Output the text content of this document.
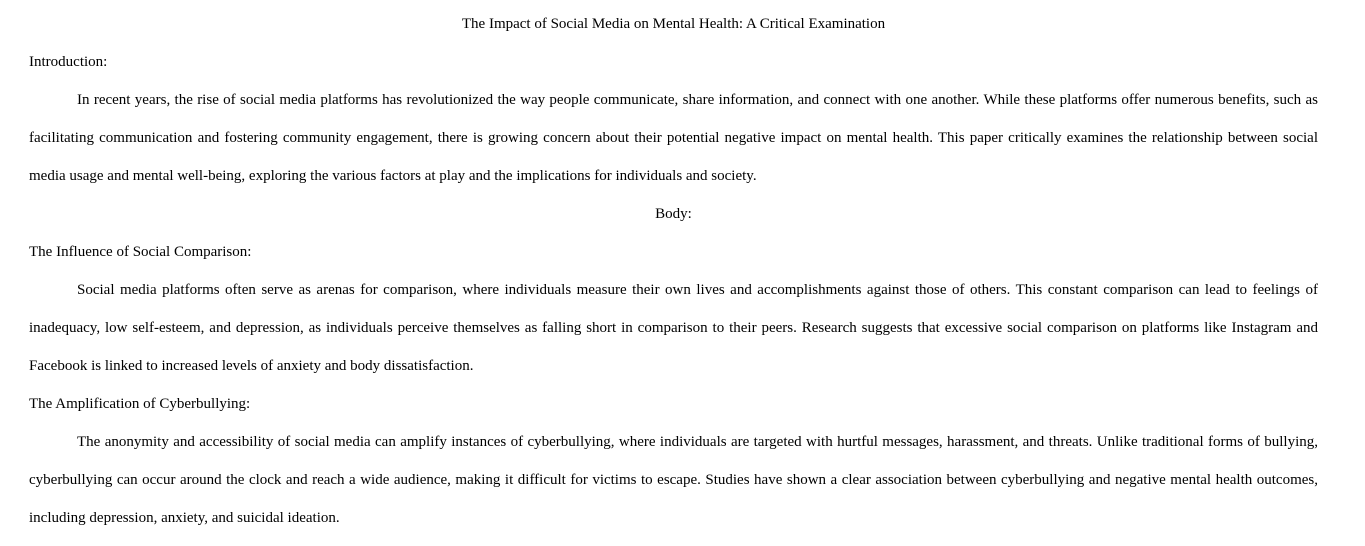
The Impact of Social Media on Mental Health: A Critical Examination

Introduction:

In recent years, the rise of social media platforms has revolutionized the way people communicate, share information, and connect with one another. While these platforms offer numerous benefits, such as facilitating communication and fostering community engagement, there is growing concern about their potential negative impact on mental health. This paper critically examines the relationship between social media usage and mental well-being, exploring the various factors at play and the implications for individuals and society.

Body:

The Influence of Social Comparison:

Social media platforms often serve as arenas for comparison, where individuals measure their own lives and accomplishments against those of others. This constant comparison can lead to feelings of inadequacy, low self-esteem, and depression, as individuals perceive themselves as falling short in comparison to their peers. Research suggests that excessive social comparison on platforms like Instagram and Facebook is linked to increased levels of anxiety and body dissatisfaction.

The Amplification of Cyberbullying:

The anonymity and accessibility of social media can amplify instances of cyberbullying, where individuals are targeted with hurtful messages, harassment, and threats. Unlike traditional forms of bullying, cyberbullying can occur around the clock and reach a wide audience, making it difficult for victims to escape. Studies have shown a clear association between cyberbullying and negative mental health outcomes, including depression, anxiety, and suicidal ideation.
